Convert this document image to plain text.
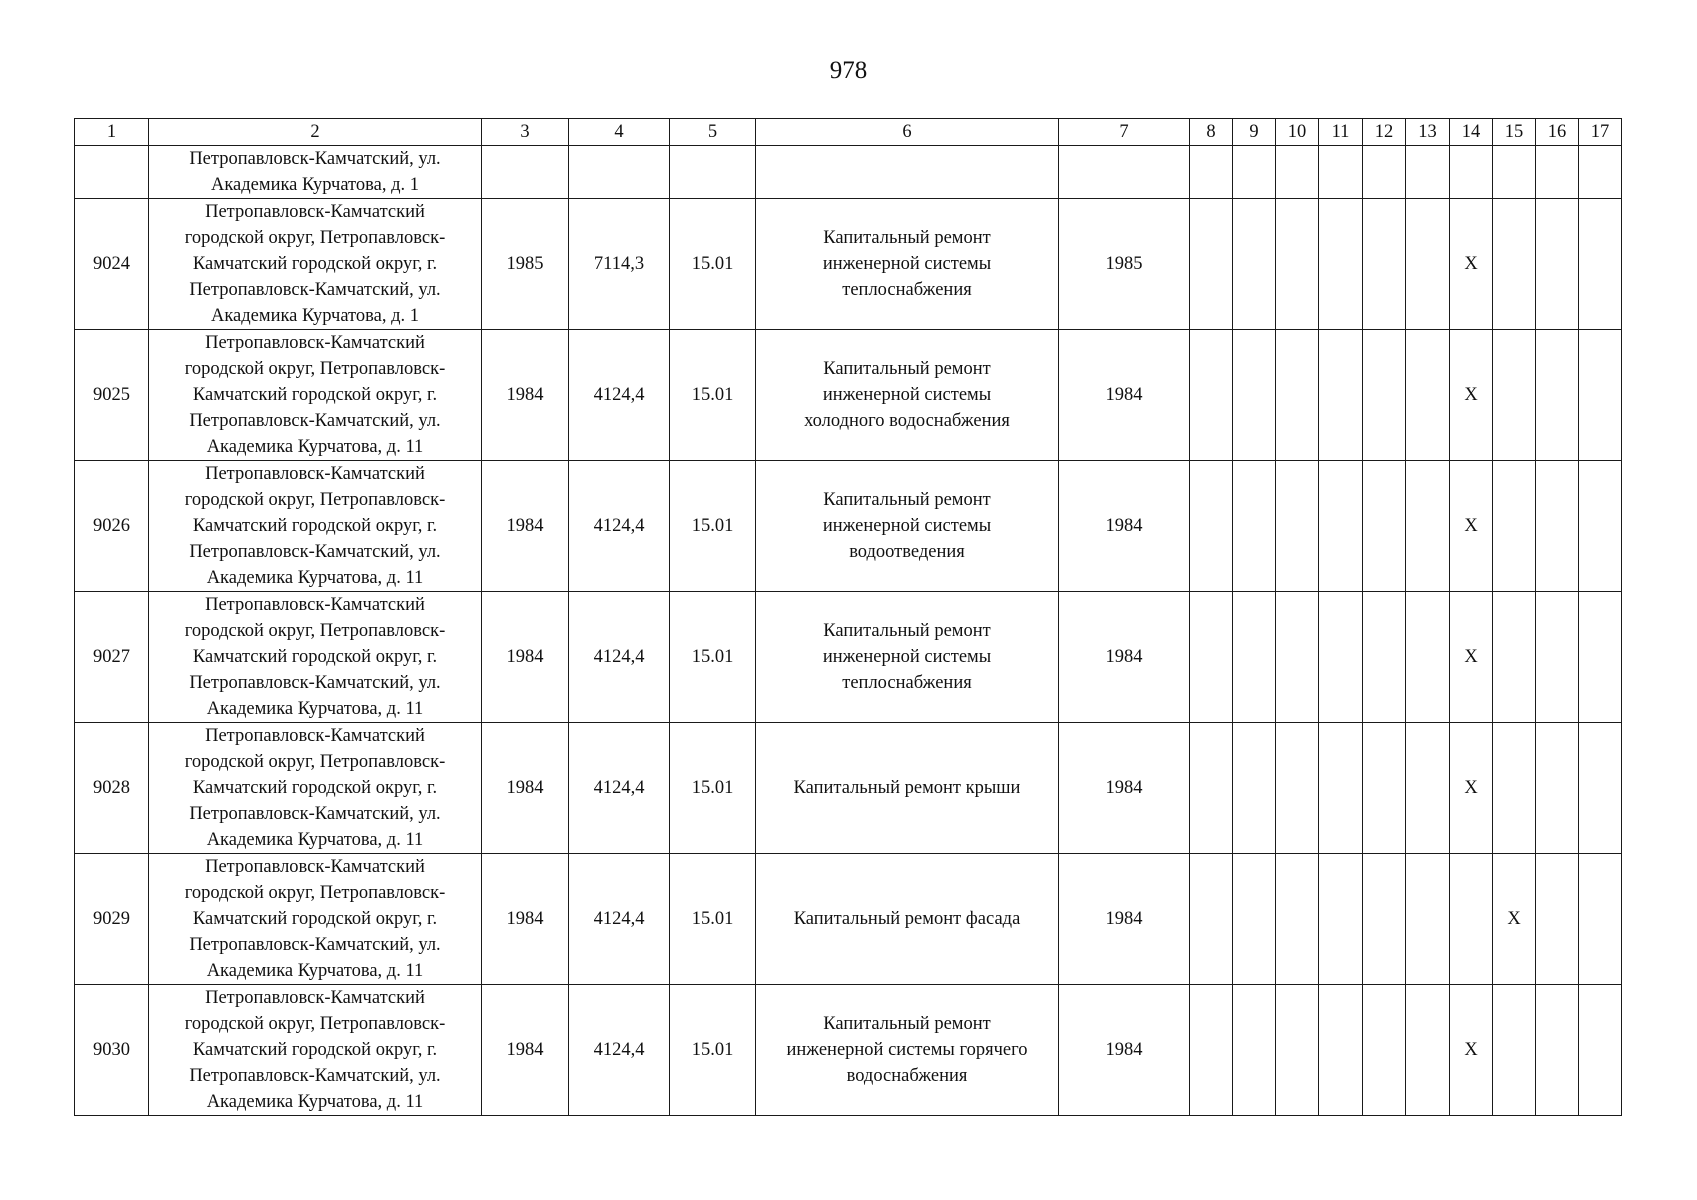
978
1	2	3	4	5	6	7	8	9	10	11	12	13	14	15	16	17
	Петропавловск-Камчатский, ул.
Академика Курчатова, д. 1															
9024	Петропавловск-Камчатский
городской округ, Петропавловск-
Камчатский городской округ, г.
Петропавловск-Камчатский, ул.
Академика Курчатова, д. 1	1985	7114,3	15.01	Капитальный ремонт
инженерной системы
теплоснабжения	1985							X			
9025	Петропавловск-Камчатский
городской округ, Петропавловск-
Камчатский городской округ, г.
Петропавловск-Камчатский, ул.
Академика Курчатова, д. 11	1984	4124,4	15.01	Капитальный ремонт
инженерной системы
холодного водоснабжения	1984							X			
9026	Петропавловск-Камчатский
городской округ, Петропавловск-
Камчатский городской округ, г.
Петропавловск-Камчатский, ул.
Академика Курчатова, д. 11	1984	4124,4	15.01	Капитальный ремонт
инженерной системы
водоотведения	1984							X			
9027	Петропавловск-Камчатский
городской округ, Петропавловск-
Камчатский городской округ, г.
Петропавловск-Камчатский, ул.
Академика Курчатова, д. 11	1984	4124,4	15.01	Капитальный ремонт
инженерной системы
теплоснабжения	1984							X			
9028	Петропавловск-Камчатский
городской округ, Петропавловск-
Камчатский городской округ, г.
Петропавловск-Камчатский, ул.
Академика Курчатова, д. 11	1984	4124,4	15.01	Капитальный ремонт крыши	1984							X			
9029	Петропавловск-Камчатский
городской округ, Петропавловск-
Камчатский городской округ, г.
Петропавловск-Камчатский, ул.
Академика Курчатова, д. 11	1984	4124,4	15.01	Капитальный ремонт фасада	1984								X		
9030	Петропавловск-Камчатский
городской округ, Петропавловск-
Камчатский городской округ, г.
Петропавловск-Камчатский, ул.
Академика Курчатова, д. 11	1984	4124,4	15.01	Капитальный ремонт
инженерной системы горячего
водоснабжения	1984							X			
